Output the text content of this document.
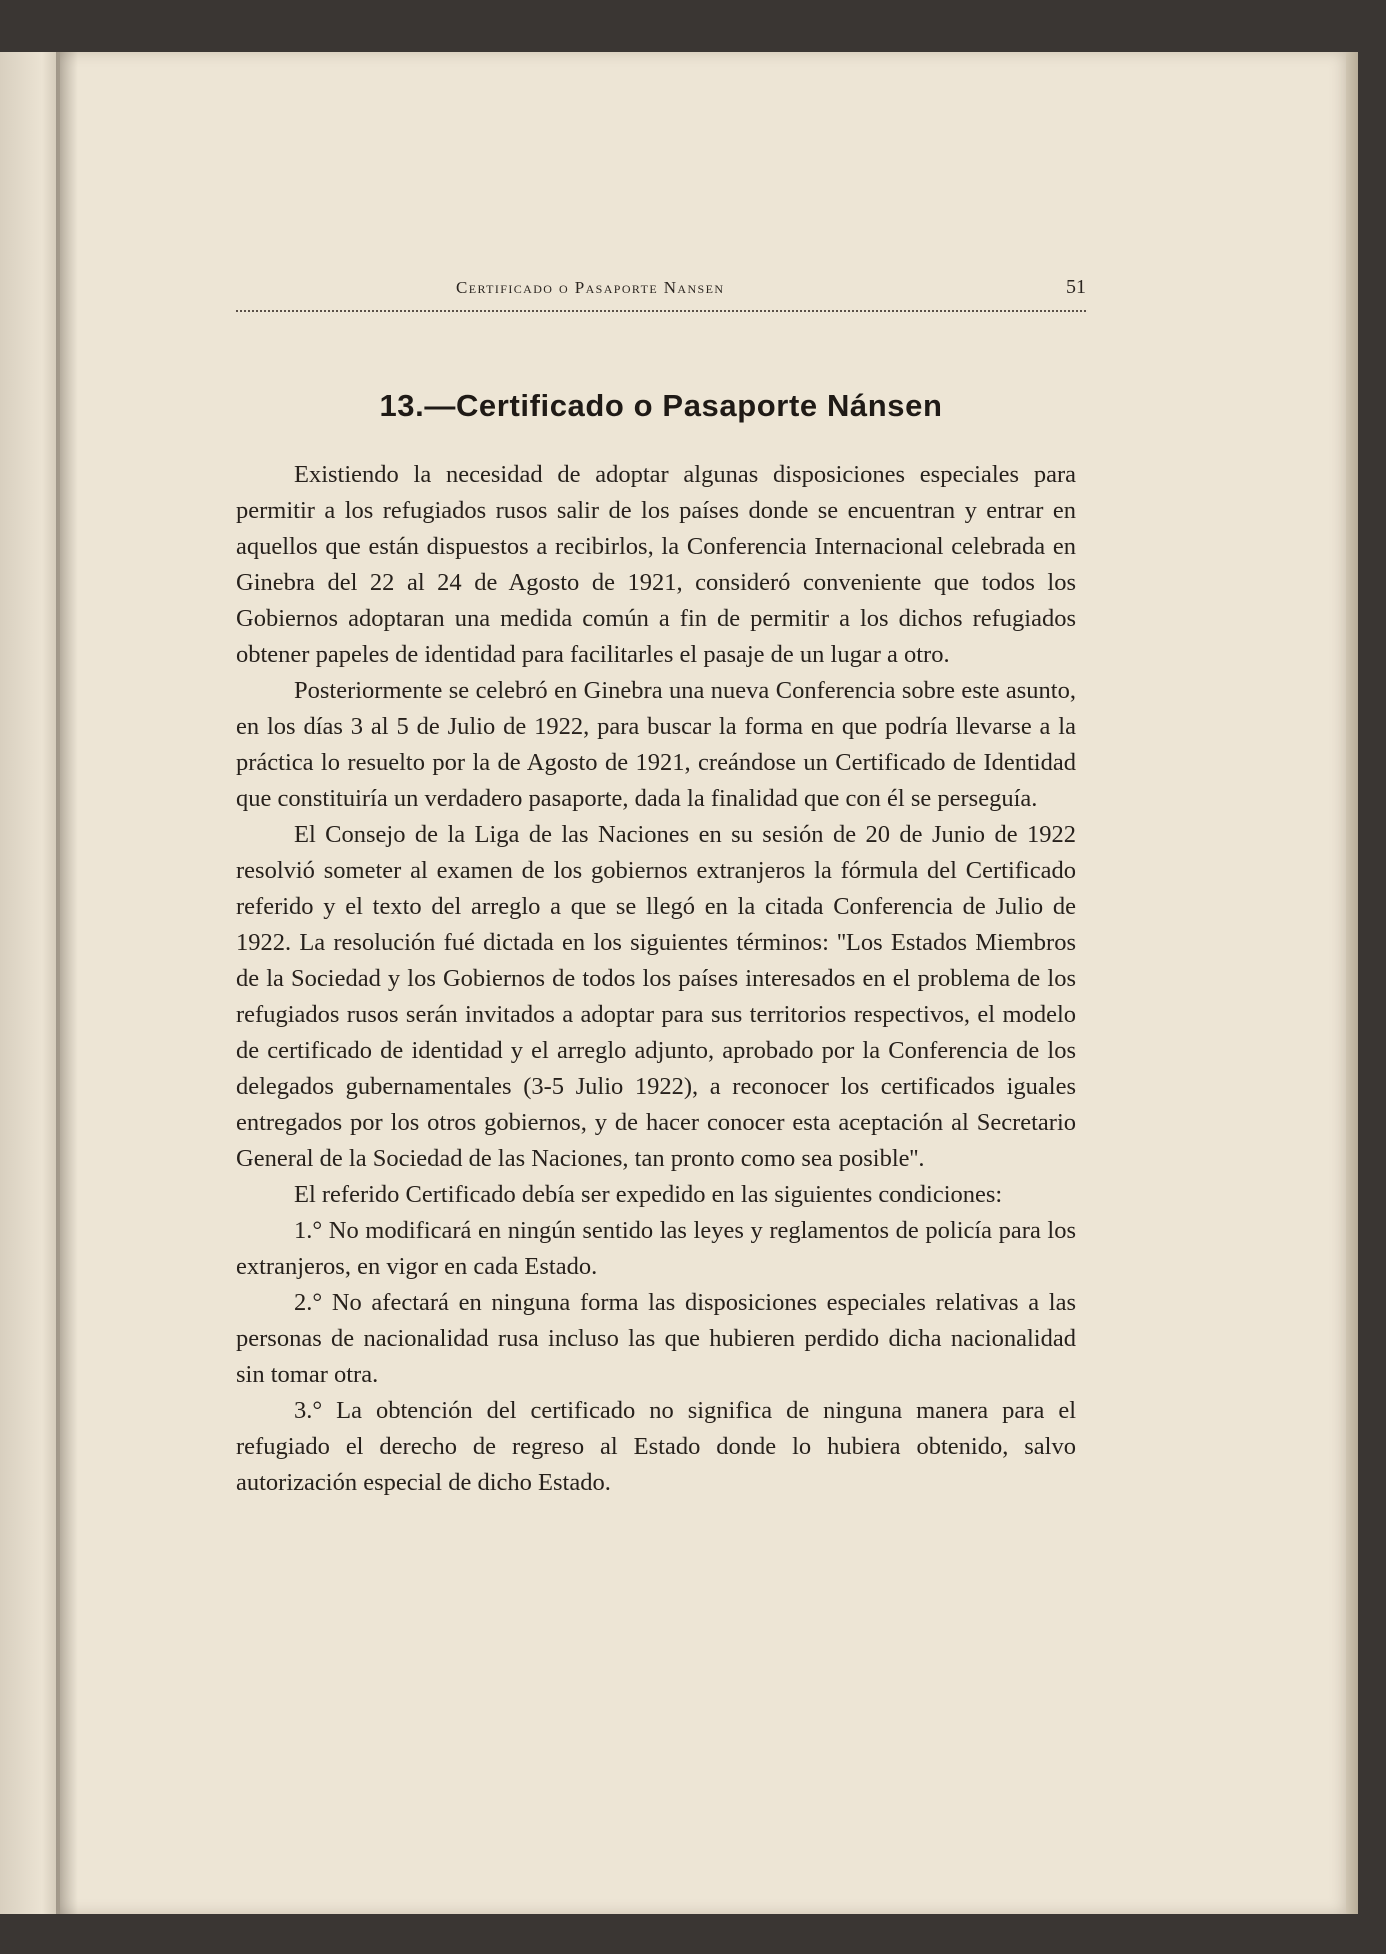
Certificado o Pasaporte Nansen	51
13.—Certificado o Pasaporte Nánsen

Existiendo la necesidad de adoptar algunas disposiciones especiales para permitir a los refugiados rusos salir de los países donde se encuentran y entrar en aquellos que están dispuestos a recibirlos, la Conferencia Internacional celebrada en Ginebra del 22 al 24 de Agosto de 1921, consideró conveniente que todos los Gobiernos adoptaran una medida común a fin de permitir a los dichos refugiados obtener papeles de identidad para facilitarles el pasaje de un lugar a otro.

Posteriormente se celebró en Ginebra una nueva Conferencia sobre este asunto, en los días 3 al 5 de Julio de 1922, para buscar la forma en que podría llevarse a la práctica lo resuelto por la de Agosto de 1921, creándose un Certificado de Identidad que constituiría un verdadero pasaporte, dada la finalidad que con él se perseguía.

El Consejo de la Liga de las Naciones en su sesión de 20 de Junio de 1922 resolvió someter al examen de los gobiernos extranjeros la fórmula del Certificado referido y el texto del arreglo a que se llegó en la citada Conferencia de Julio de 1922. La resolución fué dictada en los siguientes términos: ''Los Estados Miembros de la Sociedad y los Gobiernos de todos los países interesados en el problema de los refugiados rusos serán invitados a adoptar para sus territorios respectivos, el modelo de certificado de identidad y el arreglo adjunto, aprobado por la Conferencia de los delegados gubernamentales (3-5 Julio 1922), a reconocer los certificados iguales entregados por los otros gobiernos, y de hacer conocer esta aceptación al Secretario General de la Sociedad de las Naciones, tan pronto como sea posible''.

El referido Certificado debía ser expedido en las siguientes condiciones:

1.° No modificará en ningún sentido las leyes y reglamentos de policía para los extranjeros, en vigor en cada Estado.

2.° No afectará en ninguna forma las disposiciones especiales relativas a las personas de nacionalidad rusa incluso las que hubieren perdido dicha nacionalidad sin tomar otra.

3.° La obtención del certificado no significa de ninguna manera para el refugiado el derecho de regreso al Estado donde lo hubiera obtenido, salvo autorización especial de dicho Estado.
